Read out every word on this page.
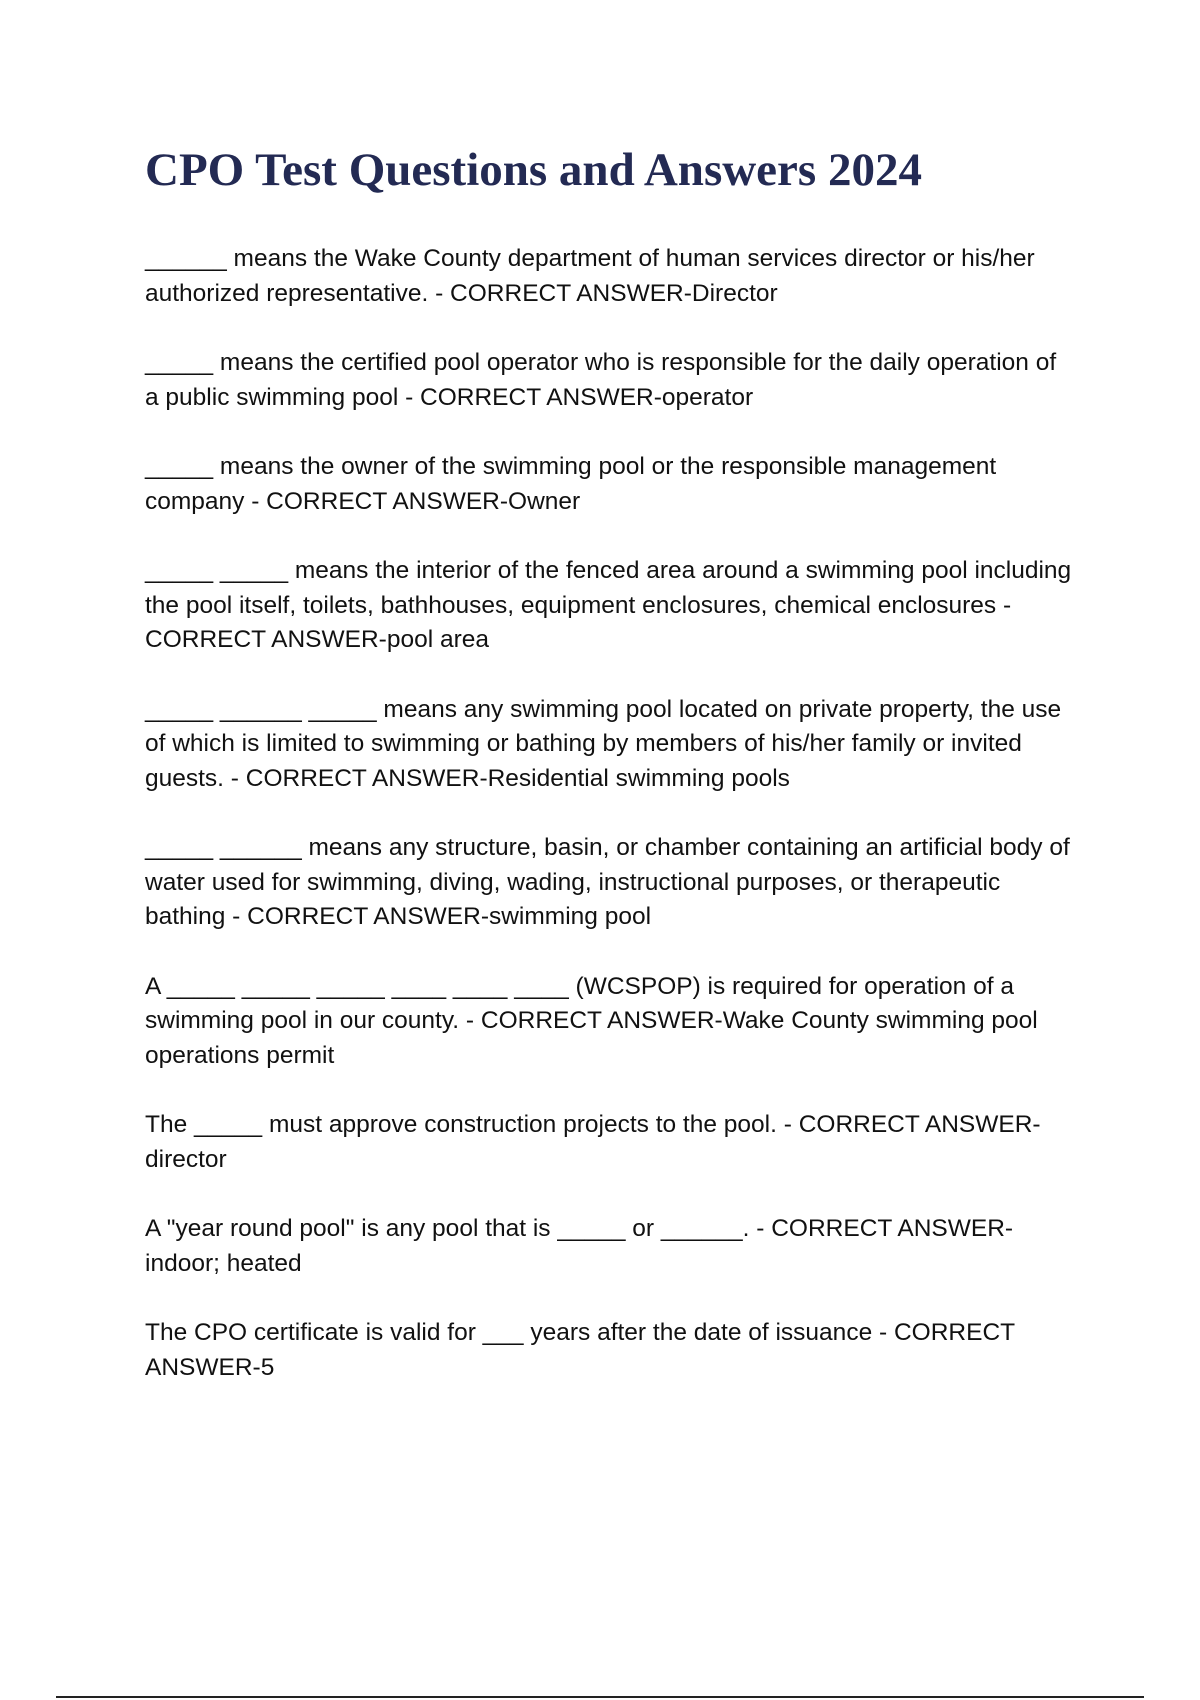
CPO Test Questions and Answers 2024

______ means the Wake County department of human services director or his/her authorized representative. - CORRECT ANSWER-Director

_____ means the certified pool operator who is responsible for the daily operation of a public swimming pool - CORRECT ANSWER-operator

_____ means the owner of the swimming pool or the responsible management company - CORRECT ANSWER-Owner

_____ _____ means the interior of the fenced area around a swimming pool including the pool itself, toilets, bathhouses, equipment enclosures, chemical enclosures - CORRECT ANSWER-pool area

_____ ______ _____ means any swimming pool located on private property, the use of which is limited to swimming or bathing by members of his/her family or invited guests. - CORRECT ANSWER-Residential swimming pools

_____ ______ means any structure, basin, or chamber containing an artificial body of water used for swimming, diving, wading, instructional purposes, or therapeutic bathing - CORRECT ANSWER-swimming pool

A _____ _____ _____ ____ ____ ____ (WCSPOP) is required for operation of a swimming pool in our county. - CORRECT ANSWER-Wake County swimming pool operations permit

The _____ must approve construction projects to the pool. - CORRECT ANSWER-director

A "year round pool" is any pool that is _____ or ______. - CORRECT ANSWER-indoor; heated

The CPO certificate is valid for ___ years after the date of issuance - CORRECT ANSWER-5
